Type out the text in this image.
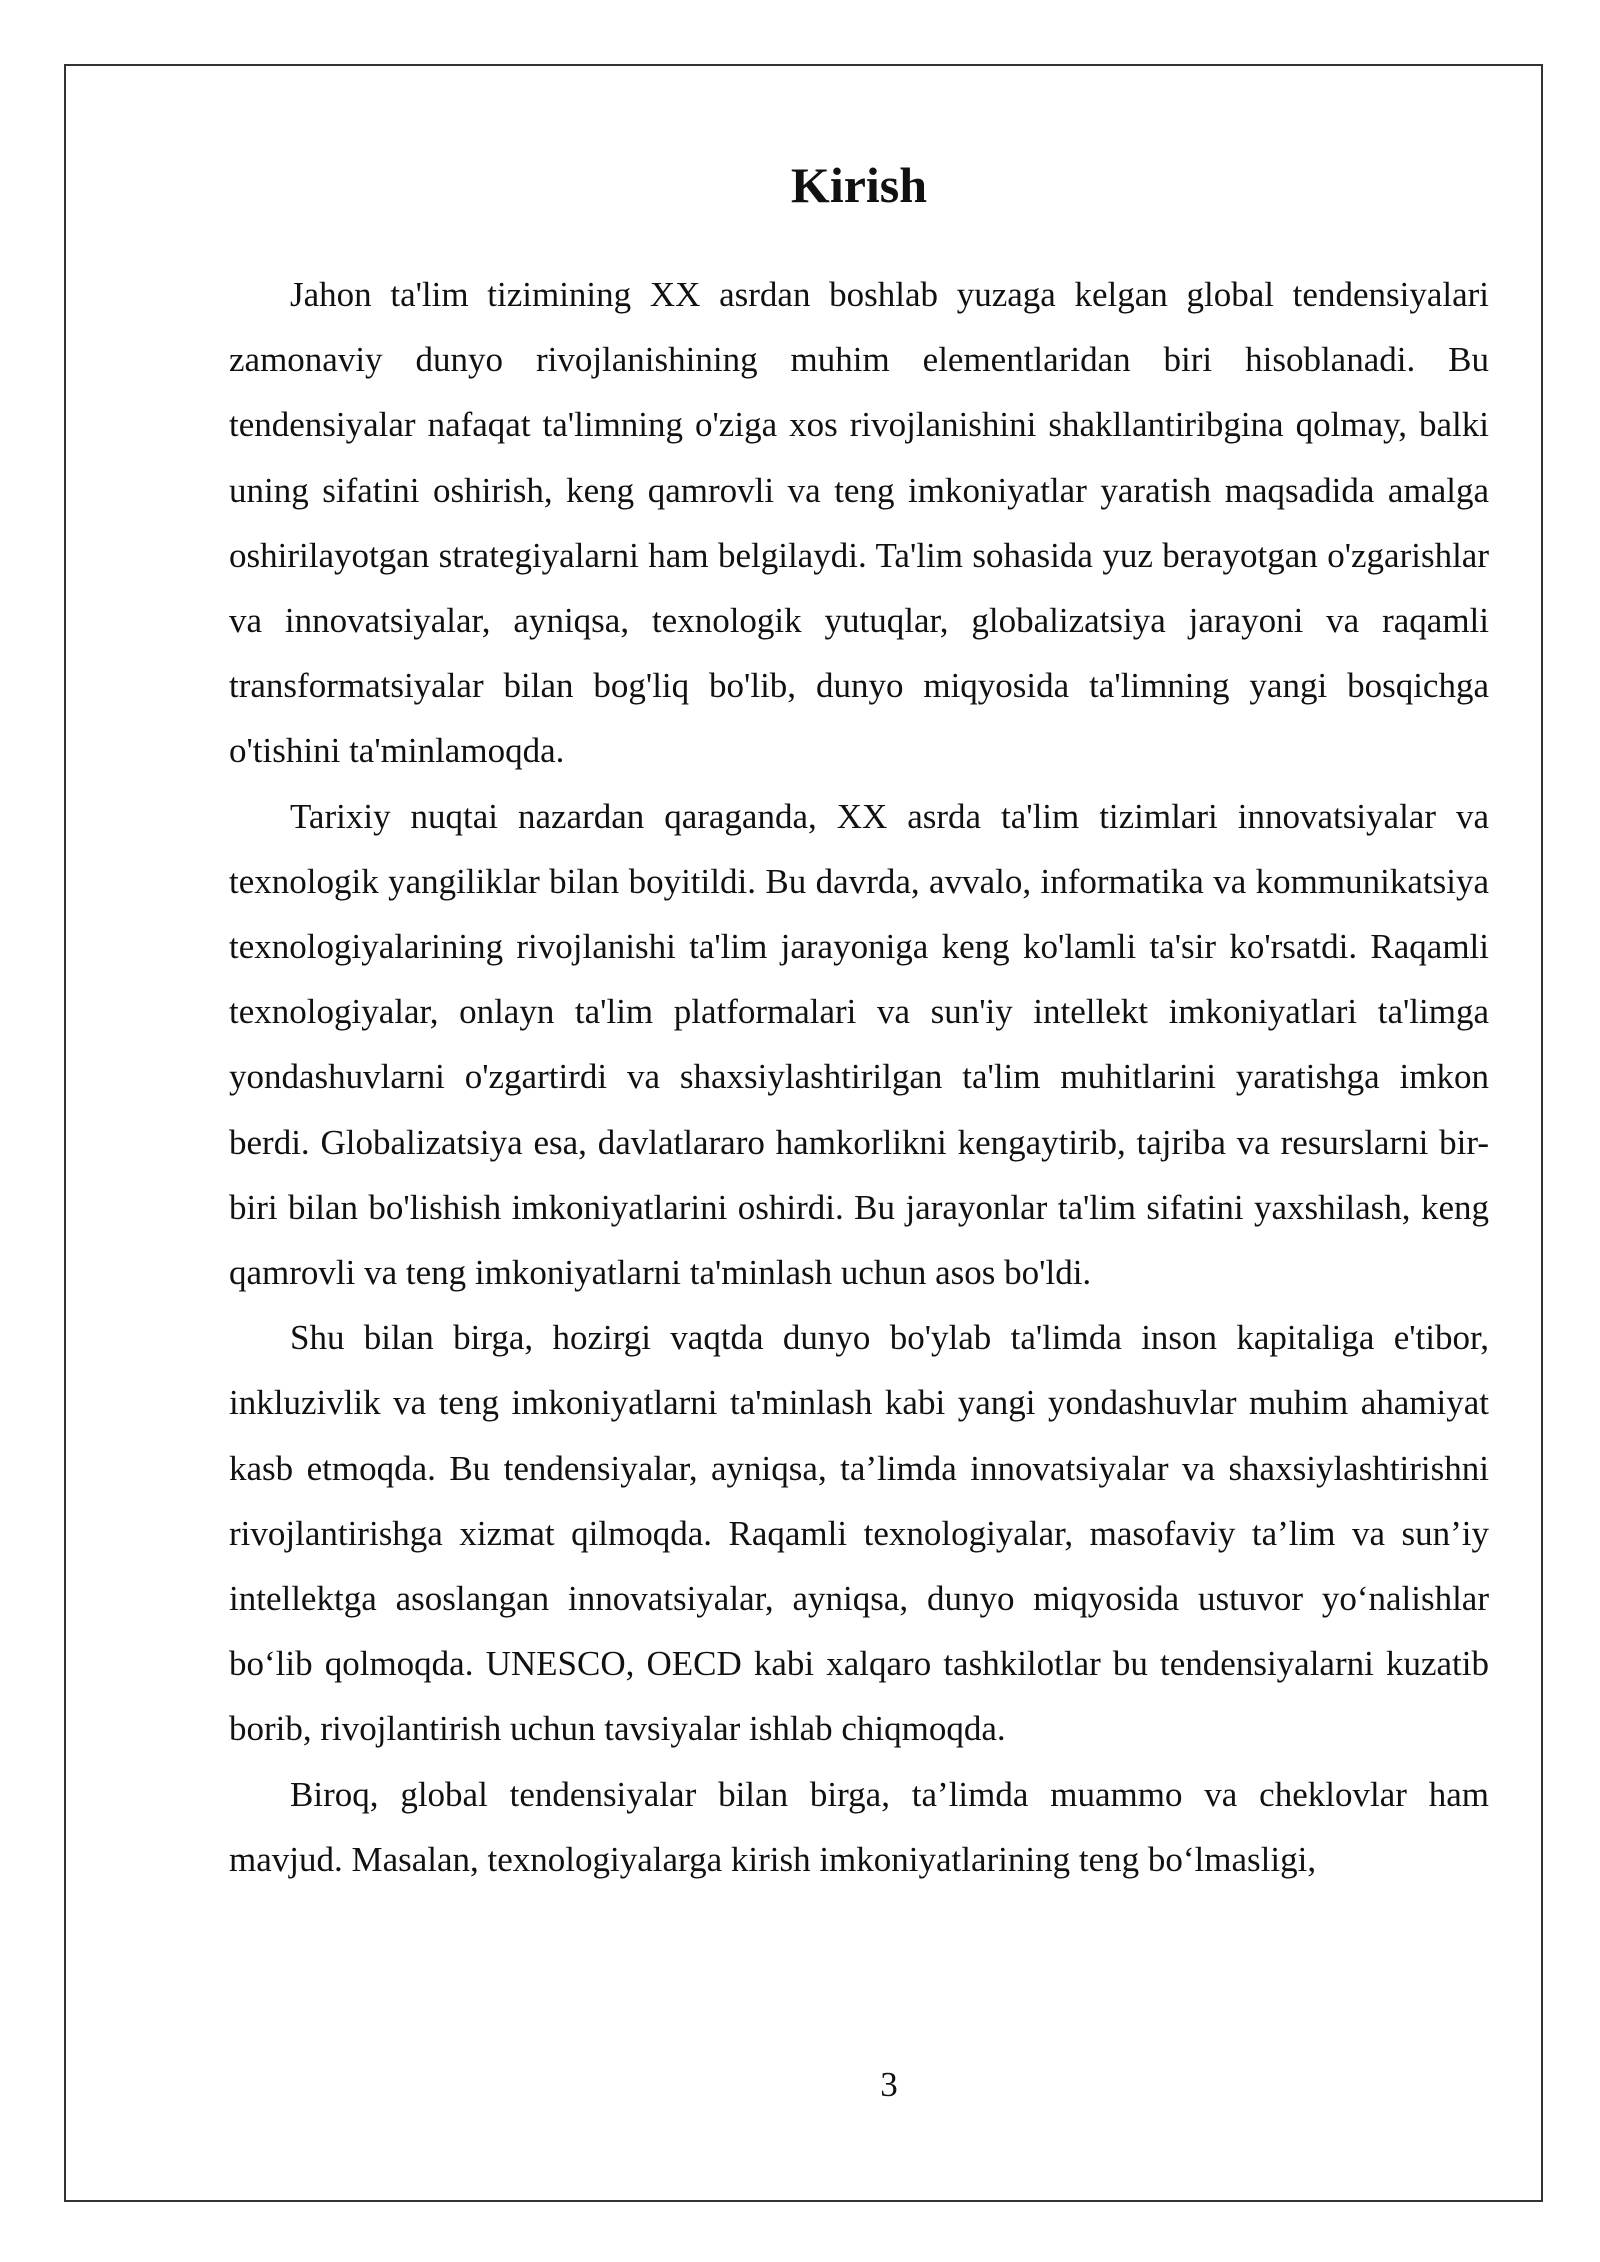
Kirish

Jahon ta'lim tizimining XX asrdan boshlab yuzaga kelgan global tendensiyalari zamonaviy dunyo rivojlanishining muhim elementlaridan biri hisoblanadi. Bu tendensiyalar nafaqat ta'limning o'ziga xos rivojlanishini shakllantiribgina qolmay, balki uning sifatini oshirish, keng qamrovli va teng imkoniyatlar yaratish maqsadida amalga oshirilayotgan strategiyalarni ham belgilaydi. Ta'lim sohasida yuz berayotgan o'zgarishlar va innovatsiyalar, ayniqsa, texnologik yutuqlar, globalizatsiya jarayoni va raqamli transformatsiyalar bilan bog'liq bo'lib, dunyo miqyosida ta'limning yangi bosqichga o'tishini ta'minlamoqda.

Tarixiy nuqtai nazardan qaraganda, XX asrda ta'lim tizimlari innovatsiyalar va texnologik yangiliklar bilan boyitildi. Bu davrda, avvalo, informatika va kommunikatsiya texnologiyalarining rivojlanishi ta'lim jarayoniga keng ko'lamli ta'sir ko'rsatdi. Raqamli texnologiyalar, onlayn ta'lim platformalari va sun'iy intellekt imkoniyatlari ta'limga yondashuvlarni o'zgartirdi va shaxsiylashtirilgan ta'lim muhitlarini yaratishga imkon berdi. Globalizatsiya esa, davlatlararo hamkorlikni kengaytirib, tajriba va resurslarni bir-biri bilan bo'lishish imkoniyatlarini oshirdi. Bu jarayonlar ta'lim sifatini yaxshilash, keng qamrovli va teng imkoniyatlarni ta'minlash uchun asos bo'ldi.

Shu bilan birga, hozirgi vaqtda dunyo bo'ylab ta'limda inson kapitaliga e'tibor, inkluzivlik va teng imkoniyatlarni ta'minlash kabi yangi yondashuvlar muhim ahamiyat kasb etmoqda. Bu tendensiyalar, ayniqsa, ta’limda innovatsiyalar va shaxsiylashtirishni rivojlantirishga xizmat qilmoqda. Raqamli texnologiyalar, masofaviy ta’lim va sun’iy intellektga asoslangan innovatsiyalar, ayniqsa, dunyo miqyosida ustuvor yo‘nalishlar bo‘lib qolmoqda. UNESCO, OECD kabi xalqaro tashkilotlar bu tendensiyalarni kuzatib borib, rivojlantirish uchun tavsiyalar ishlab chiqmoqda.

Biroq, global tendensiyalar bilan birga, ta’limda muammo va cheklovlar ham mavjud. Masalan, texnologiyalarga kirish imkoniyatlarining teng bo‘lmasligi,

3
